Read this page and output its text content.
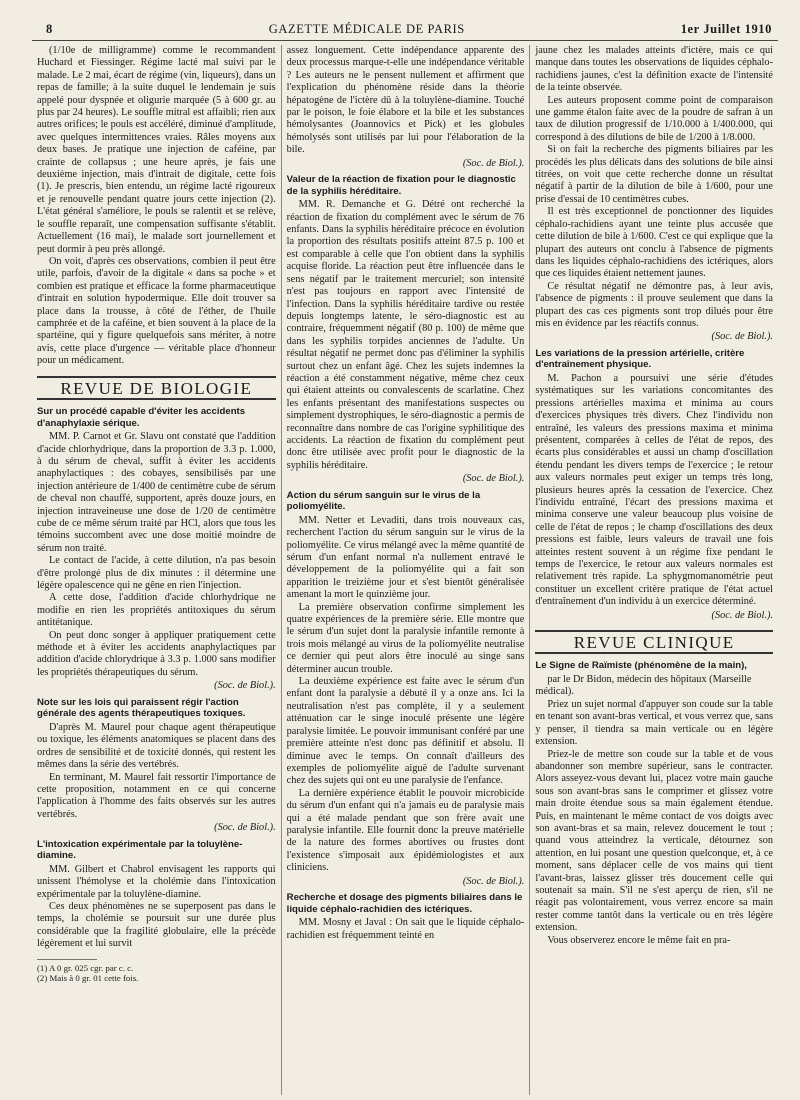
8	GAZETTE MÉDICALE DE PARIS	1er Juillet 1910

(1/10e de milligramme) comme le recommandent Huchard et Fiessinger. Régime lacté mal suivi par le malade. Le 2 mai, écart de régime (vin, liqueurs), dans un repas de famille; à la suite duquel le lendemain je suis appelé pour dyspnée et oligurie marquée (5 à 600 gr. au plus par 24 heures). Le souffle mitral est affaibli; rien aux autres orifices; le pouls est accéléré, diminué d'amplitude, avec quelques intermittences vraies. Râles moyens aux deux bases. Je pratique une injection de caféine, par crainte de collapsus ; une heure après, je fais une deuxième injection, mais d'intrait de digitale, cette fois (1). Je prescris, bien entendu, un régime lacté rigoureux et je renouvelle pendant quatre jours cette injection (2). L'état général s'améliore, le pouls se ralentit et se relève, le souffle reparaît, une compensation suffisante s'établit. Actuellement (16 mai), le malade sort journellement et peut dormir à peu près allongé.

On voit, d'après ces observations, combien il peut être utile, parfois, d'avoir de la digitale « dans sa poche » et combien est pratique et efficace la forme pharmaceutique d'intrait en solution hypodermique. Elle doit trouver sa place dans la trousse, à côté de l'éther, de l'huile camphrée et de la caféine, et bien souvent à la place de la spartéine, qui y figure quelquefois sans mériter, à notre avis, cette place d'urgence — véritable place d'honneur pour un médicament.

REVUE DE BIOLOGIE
Sur un procédé capable d'éviter les accidents d'anaphylaxie sérique.

MM. P. Carnot et Gr. Slavu ont constaté que l'addition d'acide chlorhydrique, dans la proportion de 3.3 p. 1.000, à du sérum de cheval, suffit à éviter les accidents anaphylactiques : des cobayes, sensibilisés par une injection antérieure de 1/400 de centimètre cube de sérum de cheval non chauffé, supportent, après douze jours, en injection intraveineuse une dose de 1/20 de centimètre cube de ce même sérum traité par HCl, alors que tous les témoins succombent avec une dose moitié moindre de sérum non traité.

Le contact de l'acide, à cette dilution, n'a pas besoin d'être prolongé plus de dix minutes : il détermine une légère opalescence qui ne gêne en rien l'injection.

A cette dose, l'addition d'acide chlorhydrique ne modifie en rien les propriétés antitoxiques du sérum antitétanique.

On peut donc songer à appliquer pratiquement cette méthode et à éviter les accidents anaphylactiques par addition d'acide chlorydrique à 3.3 p. 1.000 sans modifier les propriétés thérapeutiques du sérum.

(Soc. de Biol.).
Note sur les lois qui paraissent régir l'action générale des agents thérapeutiques toxiques.

D'après M. Maurel pour chaque agent thérapeutique ou toxique, les éléments anatomiques se placent dans des ordres de sensibilité et de toxicité donnés, qui restent les mêmes dans la série des vertébrés.

En terminant, M. Maurel fait ressortir l'importance de cette proposition, notamment en ce qui concerne l'application à l'homme des faits observés sur les autres vertébrés.

(Soc. de Biol.).
L'intoxication expérimentale par la toluylène-diamine.

MM. Gilbert et Chabrol envisagent les rapports qui unissent l'hémolyse et la cholémie dans l'intoxication expérimentale par la toluylène-diamine.

Ces deux phénomènes ne se superposent pas dans le temps, la cholémie se poursuit sur une durée plus considérable que la fragilité globulaire, elle la précède légèrement et lui survit

(1) A 0 gr. 025 cgr. par c. c.
(2) Mais à 0 gr. 01 cette fois.

assez longuement. Cette indépendance apparente des deux processus marque-t-elle une indépendance véritable ? Les auteurs ne le pensent nullement et affirment que l'explication du phénomène réside dans la théorie hépatogène de l'ictère dû à la toluylène-diamine. Touché par le poison, le foie élabore et la bile et les substances hémolysantes (Joannovics et Pick) et les globules hémolysés sont utilisés par lui pour l'élaboration de la bile.

(Soc. de Biol.).
Valeur de la réaction de fixation pour le diagnostic de la syphilis héréditaire.

MM. R. Demanche et G. Détré ont recherché la réaction de fixation du complément avec le sérum de 76 enfants. Dans la syphilis héréditaire précoce en évolution la proportion des résultats positifs atteint 87.5 p. 100 et est comparable à celle que l'on obtient dans la syphilis acquise floride. La réaction peut être influencée dans le sens négatif par le traitement mercuriel; son intensité n'est pas toujours en rapport avec l'intensité de l'infection. Dans la syphilis héréditaire tardive ou restée depuis longtemps latente, le séro-diagnostic est au contraire, fréquemment négatif (80 p. 100) de même que dans les syphilis torpides anciennes de l'adulte. Un résultat négatif ne permet donc pas d'éliminer la syphilis surtout chez un enfant âgé. Chez les sujets indemnes la réaction a été constamment négative, même chez ceux qui étaient atteints ou convalescents de scarlatine. Chez les enfants présentant des manifestations suspectes ou simplement dystrophiques, le séro-diagnostic a permis de reconnaître dans nombre de cas l'origine syphilitique des accidents. La réaction de fixation du complément peut donc être utilisée avec profit pour le diagnostic de la syphilis héréditaire.

(Soc. de Biol.).
Action du sérum sanguin sur le virus de la poliomyélite.

MM. Netter et Levaditi, dans trois nouveaux cas, recherchent l'action du sérum sanguin sur le virus de la poliomyélite. Ce virus mélangé avec la même quantité de sérum d'un enfant normal n'a nullement entravé le développement de la poliomyélite qui a fait son apparition le treizième jour et s'est bientôt généralisée amenant la mort le quinzième jour.

La première observation confirme simplement les quatre expériences de la première série. Elle montre que le sérum d'un sujet dont la paralysie infantile remonte à trois mois mélangé au virus de la poliomyélite neutralise ce dernier qui peut alors être inoculé au singe sans déterminer aucun trouble.

La deuxième expérience est faite avec le sérum d'un enfant dont la paralysie a débuté il y a onze ans. Ici la neutralisation n'est pas complète, il y a seulement atténuation car le singe inoculé présente une légère paralysie limitée. Le pouvoir immunisant conféré par une première atteinte n'est donc pas définitif et absolu. Il diminue avec le temps. On connaît d'ailleurs des exemples de poliomyélite aiguë de l'adulte survenant chez des sujets qui ont eu une paralysie de l'enfance.

La dernière expérience établit le pouvoir microbicide du sérum d'un enfant qui n'a jamais eu de paralysie mais qui a été malade pendant que son frère avait une paralysie infantile. Elle fournit donc la preuve matérielle de la nature des formes abortives ou frustes dont l'existence s'imposait aux épidémiologistes et aux cliniciens.

(Soc. de Biol.).
Recherche et dosage des pigments biliaires dans le liquide céphalo-rachidien des ictériques.

MM. Mosny et Javal : On sait que le liquide céphalo-rachidien est fréquemment teinté en

jaune chez les malades atteints d'ictère, mais ce qui manque dans toutes les observations de liquides céphalo-rachidiens jaunes, c'est la définition exacte de l'intensité de la teinte observée.

Les auteurs proposent comme point de comparaison une gamme étalon faite avec de la poudre de safran à un taux de dilution progressif de 1/10.000 à 1/400.000, qui correspond à des dilutions de bile de 1/200 à 1/8.000.

Si on fait la recherche des pigments biliaires par les procédés les plus délicats dans des solutions de bile ainsi titrées, on voit que cette recherche donne un résultat négatif à partir de la dilution de bile à 1/600, pour une prise d'essai de 10 centimètres cubes.

Il est très exceptionnel de ponctionner des liquides céphalo-rachidiens ayant une teinte plus accusée que cette dilution de bile à 1/600. C'est ce qui explique que la plupart des auteurs ont conclu à l'absence de pigments dans les liquides céphalo-rachidiens des ictériques, alors que ces liquides étaient nettement jaunes.

Ce résultat négatif ne démontre pas, à leur avis, l'absence de pigments : il prouve seulement que dans la plupart des cas ces pigments sont trop dilués pour être mis en évidence par les réactifs connus.

(Soc. de Biol.).
Les variations de la pression artérielle, critère d'entraînement physique.

M. Pachon a poursuivi une série d'études systématiques sur les variations concomitantes des pressions artérielles maxima et minima au cours d'exercices physiques très divers. Chez l'individu non entraîné, les valeurs des pressions maxima et minima présentent, comparées à celles de l'état de repos, des écarts plus considérables et aussi un champ d'oscillation étendu pendant les divers temps de l'exercice ; le retour aux valeurs normales peut exiger un temps très long, plusieurs heures après la cessation de l'exercice. Chez l'individu entraîné, l'écart des pressions maxima et minima conserve une valeur beaucoup plus voisine de celle de l'état de repos ; le champ d'oscillations des deux pressions est faible, leurs valeurs de travail une fois atteintes restent souvent à un régime fixe pendant le temps de l'exercice, le retour aux valeurs normales est relativement très rapide. La sphygmomanométrie peut constituer un excellent critère pratique de l'état actuel d'entraînement d'un individu à un exercice déterminé.

(Soc. de Biol.).
REVUE CLINIQUE
Le Signe de Raïmiste (phénomène de la main),

par le Dr Bidon, médecin des hôpitaux (Marseille médical).

Priez un sujet normal d'appuyer son coude sur la table en tenant son avant-bras vertical, et vous verrez que, sans y penser, il tiendra sa main verticale ou en légère extension.

Priez-le de mettre son coude sur la table et de vous abandonner son membre supérieur, sans le contracter. Alors asseyez-vous devant lui, placez votre main gauche sous son avant-bras sans le comprimer et glissez votre main droite étendue sous sa main également étendue. Puis, en maintenant le même contact de vos doigts avec son avant-bras et sa main, relevez doucement le tout ; quand vous atteindrez la verticale, détournez son attention, en lui posant une question quelconque, et, à ce moment, sans déplacer celle de vos mains qui tient l'avant-bras, laissez glisser très doucement celle qui soutenait sa main. S'il ne s'est aperçu de rien, s'il ne réagit pas volontairement, vous verrez encore sa main rester comme tantôt dans la verticale ou en très légère extension.

Vous observerez encore le même fait en pra-
